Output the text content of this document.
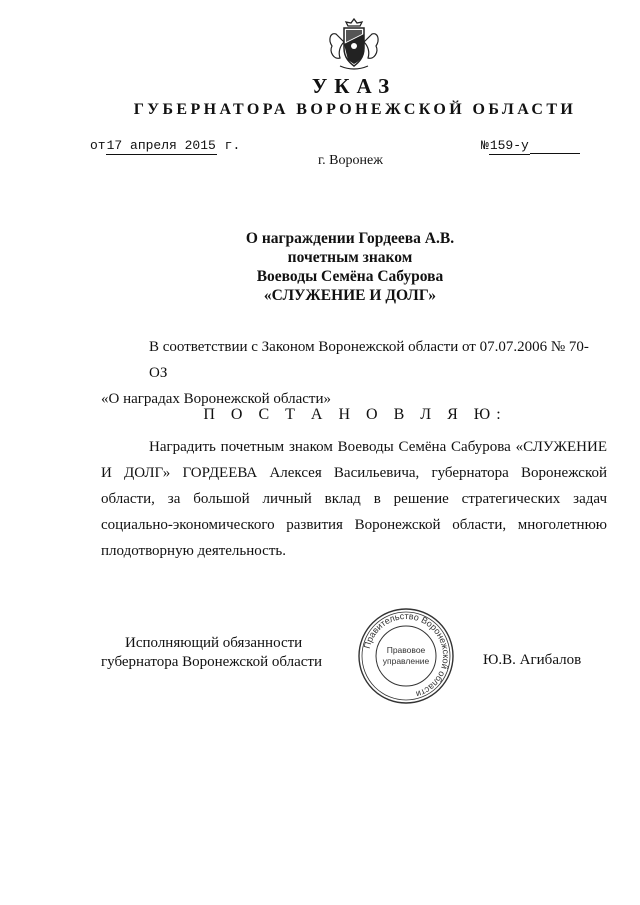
УКАЗ
ГУБЕРНАТОРА ВОРОНЕЖСКОЙ ОБЛАСТИ
от17 апреля 2015 г.	№159-у
г. Воронеж
О награждении Гордеева А.В.
почетным знаком
Воеводы Семёна Сабурова
«СЛУЖЕНИЕ И ДОЛГ»
В соответствии с Законом Воронежской области от 07.07.2006 № 70-ОЗ
«О наградах Воронежской области»
П О С Т А Н О В Л Я Ю:

Наградить почетным знаком Воеводы Семёна Сабурова «СЛУЖЕНИЕ И ДОЛГ» ГОРДЕЕВА Алексея Васильевича, губернатора Воронежской области, за большой личный вклад в решение стратегических задач социально-экономического развития Воронежской области, многолетнюю плодотворную деятельность.

Исполняющий обязанности
губернатора Воронежской области
Правительство Воронежской области
Правовое
управление	Ю.В. Агибалов
